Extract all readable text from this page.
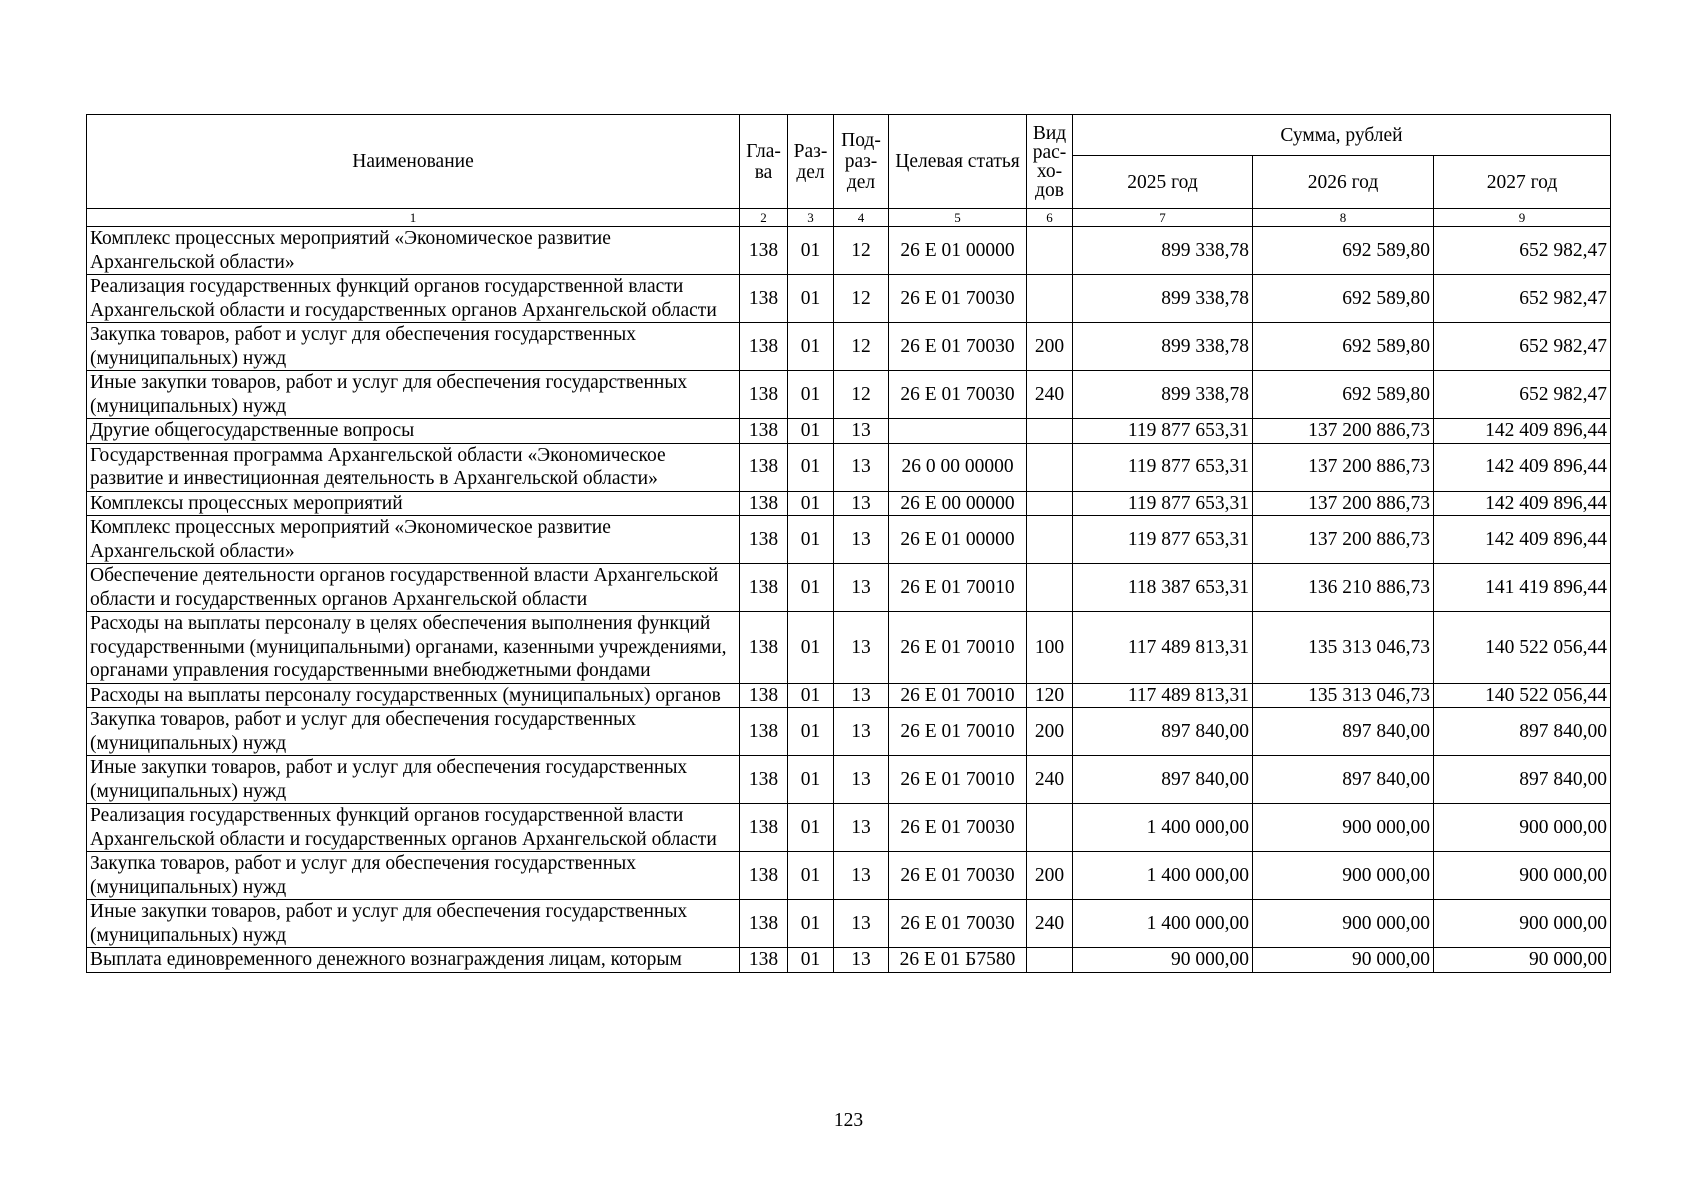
Наименование	Гла-ва	Раз-дел	Под-раз-дел	Целевая статья	Вид рас-хо-дов	Сумма, рублей		
						2025 год	2026 год	2027 год
1	2	3	4	5	6	7	8	9
Комплекс процессных мероприятий «Экономическое развитие Архангельской области»	138	01	12	26 Е 01 00000		899 338,78	692 589,80	652 982,47
Реализация государственных функций органов государственной власти Архангельской области и государственных органов Архангельской области	138	01	12	26 Е 01 70030		899 338,78	692 589,80	652 982,47
Закупка товаров, работ и услуг для обеспечения государственных (муниципальных) нужд	138	01	12	26 Е 01 70030	200	899 338,78	692 589,80	652 982,47
Иные закупки товаров, работ и услуг для обеспечения государственных (муниципальных) нужд	138	01	12	26 Е 01 70030	240	899 338,78	692 589,80	652 982,47
Другие общегосударственные вопросы	138	01	13			119 877 653,31	137 200 886,73	142 409 896,44
Государственная программа Архангельской области «Экономическое развитие и инвестиционная деятельность в Архангельской области»	138	01	13	26 0 00 00000		119 877 653,31	137 200 886,73	142 409 896,44
Комплексы процессных мероприятий	138	01	13	26 Е 00 00000		119 877 653,31	137 200 886,73	142 409 896,44
Комплекс процессных мероприятий «Экономическое развитие Архангельской области»	138	01	13	26 Е 01 00000		119 877 653,31	137 200 886,73	142 409 896,44
Обеспечение деятельности органов государственной власти Архангельской области и государственных органов Архангельской области	138	01	13	26 Е 01 70010		118 387 653,31	136 210 886,73	141 419 896,44
Расходы на выплаты персоналу в целях обеспечения выполнения функций государственными (муниципальными) органами, казенными учреждениями, органами управления государственными внебюджетными фондами	138	01	13	26 Е 01 70010	100	117 489 813,31	135 313 046,73	140 522 056,44
Расходы на выплаты персоналу государственных (муниципальных) органов	138	01	13	26 Е 01 70010	120	117 489 813,31	135 313 046,73	140 522 056,44
Закупка товаров, работ и услуг для обеспечения государственных (муниципальных) нужд	138	01	13	26 Е 01 70010	200	897 840,00	897 840,00	897 840,00
Иные закупки товаров, работ и услуг для обеспечения государственных (муниципальных) нужд	138	01	13	26 Е 01 70010	240	897 840,00	897 840,00	897 840,00
Реализация государственных функций органов государственной власти Архангельской области и государственных органов Архангельской области	138	01	13	26 Е 01 70030		1 400 000,00	900 000,00	900 000,00
Закупка товаров, работ и услуг для обеспечения государственных (муниципальных) нужд	138	01	13	26 Е 01 70030	200	1 400 000,00	900 000,00	900 000,00
Иные закупки товаров, работ и услуг для обеспечения государственных (муниципальных) нужд	138	01	13	26 Е 01 70030	240	1 400 000,00	900 000,00	900 000,00
Выплата единовременного денежного вознаграждения лицам, которым	138	01	13	26 Е 01 Б7580		90 000,00	90 000,00	90 000,00
123
